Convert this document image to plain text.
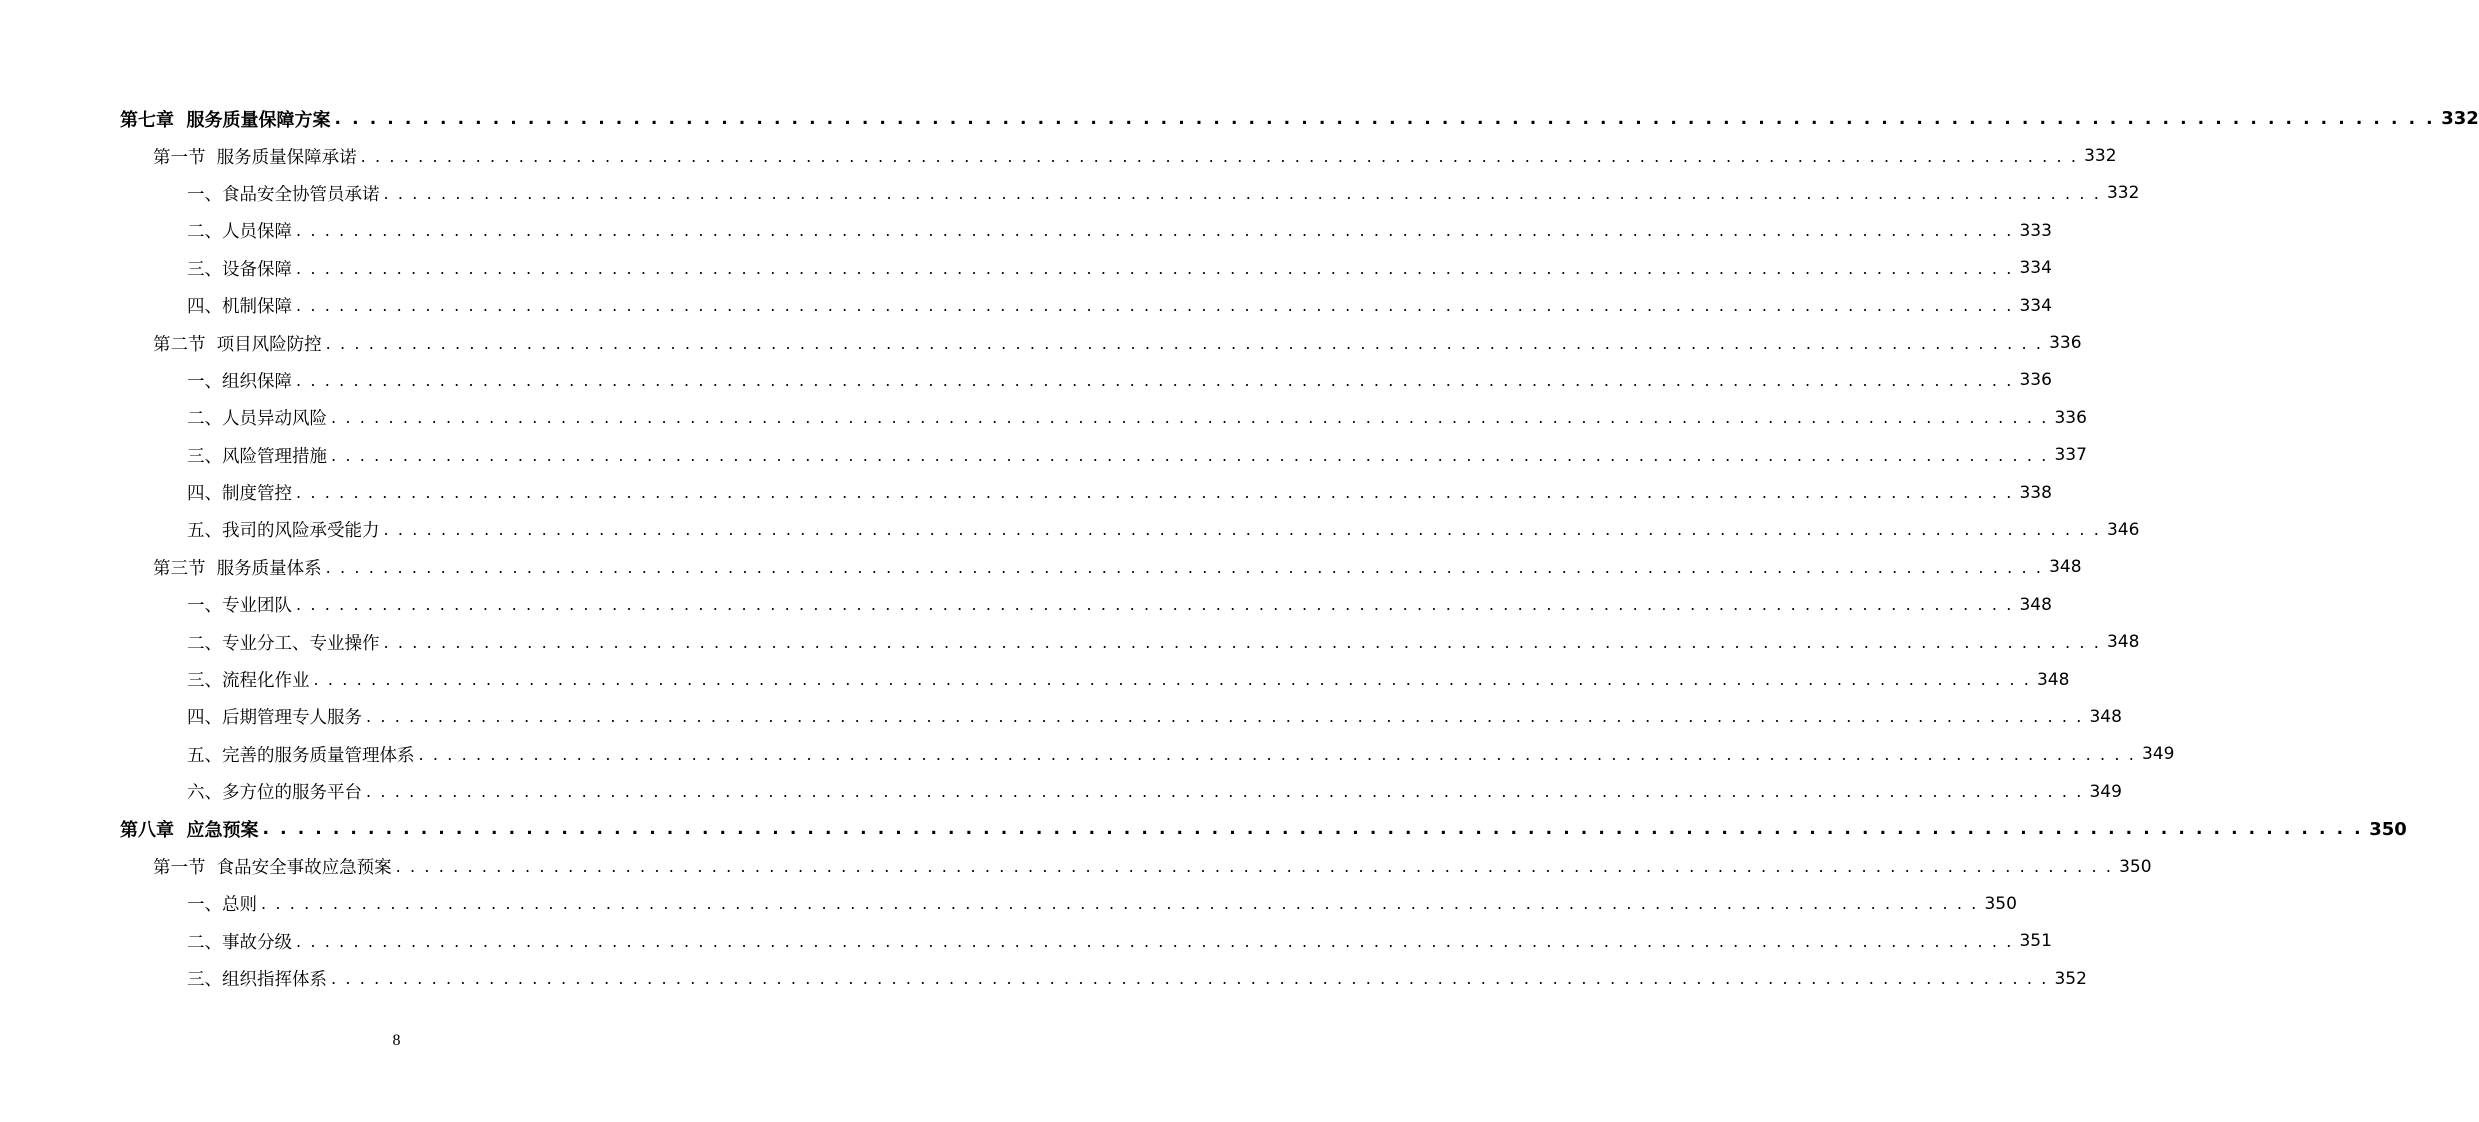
第七章  服务质量保障方案 . . . . . . . . . . . . . . . . . . . . . . . . . . . . . . . . . . . . . . . . . . . . . . . . . . . . . . . . . . . . . . . . . . . . . . . . . . . . . . . . . . . . . . . . . . . . . . . . . . . . . . . . . . . . . . . . . . . . . . . . 332
第一节  服务质量保障承诺 . . . . . . . . . . . . . . . . . . . . . . . . . . . . . . . . . . . . . . . . . . . . . . . . . . . . . . . . . . . . . . . . . . . . . . . . . . . . . . . . . . . . . . . . . . . . . . . . . . . . . . . . . . . . . . . . . . . . . . . . 332
一、食品安全协管员承诺 . . . . . . . . . . . . . . . . . . . . . . . . . . . . . . . . . . . . . . . . . . . . . . . . . . . . . . . . . . . . . . . . . . . . . . . . . . . . . . . . . . . . . . . . . . . . . . . . . . . . . . . . . . . . . . . . . . . . . . . . 332
二、人员保障 . . . . . . . . . . . . . . . . . . . . . . . . . . . . . . . . . . . . . . . . . . . . . . . . . . . . . . . . . . . . . . . . . . . . . . . . . . . . . . . . . . . . . . . . . . . . . . . . . . . . . . . . . . . . . . . . . . . . . . . . 333
三、设备保障 . . . . . . . . . . . . . . . . . . . . . . . . . . . . . . . . . . . . . . . . . . . . . . . . . . . . . . . . . . . . . . . . . . . . . . . . . . . . . . . . . . . . . . . . . . . . . . . . . . . . . . . . . . . . . . . . . . . . . . . . 334
四、机制保障 . . . . . . . . . . . . . . . . . . . . . . . . . . . . . . . . . . . . . . . . . . . . . . . . . . . . . . . . . . . . . . . . . . . . . . . . . . . . . . . . . . . . . . . . . . . . . . . . . . . . . . . . . . . . . . . . . . . . . . . . 334
第二节  项目风险防控 . . . . . . . . . . . . . . . . . . . . . . . . . . . . . . . . . . . . . . . . . . . . . . . . . . . . . . . . . . . . . . . . . . . . . . . . . . . . . . . . . . . . . . . . . . . . . . . . . . . . . . . . . . . . . . . . . . . . . . . . 336
一、组织保障 . . . . . . . . . . . . . . . . . . . . . . . . . . . . . . . . . . . . . . . . . . . . . . . . . . . . . . . . . . . . . . . . . . . . . . . . . . . . . . . . . . . . . . . . . . . . . . . . . . . . . . . . . . . . . . . . . . . . . . . . 336
二、人员异动风险 . . . . . . . . . . . . . . . . . . . . . . . . . . . . . . . . . . . . . . . . . . . . . . . . . . . . . . . . . . . . . . . . . . . . . . . . . . . . . . . . . . . . . . . . . . . . . . . . . . . . . . . . . . . . . . . . . . . . . . . . 336
三、风险管理措施 . . . . . . . . . . . . . . . . . . . . . . . . . . . . . . . . . . . . . . . . . . . . . . . . . . . . . . . . . . . . . . . . . . . . . . . . . . . . . . . . . . . . . . . . . . . . . . . . . . . . . . . . . . . . . . . . . . . . . . . . 337
四、制度管控 . . . . . . . . . . . . . . . . . . . . . . . . . . . . . . . . . . . . . . . . . . . . . . . . . . . . . . . . . . . . . . . . . . . . . . . . . . . . . . . . . . . . . . . . . . . . . . . . . . . . . . . . . . . . . . . . . . . . . . . . 338
五、我司的风险承受能力 . . . . . . . . . . . . . . . . . . . . . . . . . . . . . . . . . . . . . . . . . . . . . . . . . . . . . . . . . . . . . . . . . . . . . . . . . . . . . . . . . . . . . . . . . . . . . . . . . . . . . . . . . . . . . . . . . . . . . . . . 346
第三节  服务质量体系 . . . . . . . . . . . . . . . . . . . . . . . . . . . . . . . . . . . . . . . . . . . . . . . . . . . . . . . . . . . . . . . . . . . . . . . . . . . . . . . . . . . . . . . . . . . . . . . . . . . . . . . . . . . . . . . . . . . . . . . . 348
一、专业团队 . . . . . . . . . . . . . . . . . . . . . . . . . . . . . . . . . . . . . . . . . . . . . . . . . . . . . . . . . . . . . . . . . . . . . . . . . . . . . . . . . . . . . . . . . . . . . . . . . . . . . . . . . . . . . . . . . . . . . . . . 348
二、专业分工、专业操作 . . . . . . . . . . . . . . . . . . . . . . . . . . . . . . . . . . . . . . . . . . . . . . . . . . . . . . . . . . . . . . . . . . . . . . . . . . . . . . . . . . . . . . . . . . . . . . . . . . . . . . . . . . . . . . . . . . . . . . . . 348
三、流程化作业 . . . . . . . . . . . . . . . . . . . . . . . . . . . . . . . . . . . . . . . . . . . . . . . . . . . . . . . . . . . . . . . . . . . . . . . . . . . . . . . . . . . . . . . . . . . . . . . . . . . . . . . . . . . . . . . . . . . . . . . . 348
四、后期管理专人服务 . . . . . . . . . . . . . . . . . . . . . . . . . . . . . . . . . . . . . . . . . . . . . . . . . . . . . . . . . . . . . . . . . . . . . . . . . . . . . . . . . . . . . . . . . . . . . . . . . . . . . . . . . . . . . . . . . . . . . . . . 348
五、完善的服务质量管理体系 . . . . . . . . . . . . . . . . . . . . . . . . . . . . . . . . . . . . . . . . . . . . . . . . . . . . . . . . . . . . . . . . . . . . . . . . . . . . . . . . . . . . . . . . . . . . . . . . . . . . . . . . . . . . . . . . . . . . . . . . 349
六、多方位的服务平台 . . . . . . . . . . . . . . . . . . . . . . . . . . . . . . . . . . . . . . . . . . . . . . . . . . . . . . . . . . . . . . . . . . . . . . . . . . . . . . . . . . . . . . . . . . . . . . . . . . . . . . . . . . . . . . . . . . . . . . . . 349
第八章  应急预案 . . . . . . . . . . . . . . . . . . . . . . . . . . . . . . . . . . . . . . . . . . . . . . . . . . . . . . . . . . . . . . . . . . . . . . . . . . . . . . . . . . . . . . . . . . . . . . . . . . . . . . . . . . . . . . . . . . . . . . . . 350
第一节  食品安全事故应急预案 . . . . . . . . . . . . . . . . . . . . . . . . . . . . . . . . . . . . . . . . . . . . . . . . . . . . . . . . . . . . . . . . . . . . . . . . . . . . . . . . . . . . . . . . . . . . . . . . . . . . . . . . . . . . . . . . . . . . . . . . 350
一、总则 . . . . . . . . . . . . . . . . . . . . . . . . . . . . . . . . . . . . . . . . . . . . . . . . . . . . . . . . . . . . . . . . . . . . . . . . . . . . . . . . . . . . . . . . . . . . . . . . . . . . . . . . . . . . . . . . . . . . . . . . 350
二、事故分级 . . . . . . . . . . . . . . . . . . . . . . . . . . . . . . . . . . . . . . . . . . . . . . . . . . . . . . . . . . . . . . . . . . . . . . . . . . . . . . . . . . . . . . . . . . . . . . . . . . . . . . . . . . . . . . . . . . . . . . . . 351
三、组织指挥体系 . . . . . . . . . . . . . . . . . . . . . . . . . . . . . . . . . . . . . . . . . . . . . . . . . . . . . . . . . . . . . . . . . . . . . . . . . . . . . . . . . . . . . . . . . . . . . . . . . . . . . . . . . . . . . . . . . . . . . . . . 352
8
